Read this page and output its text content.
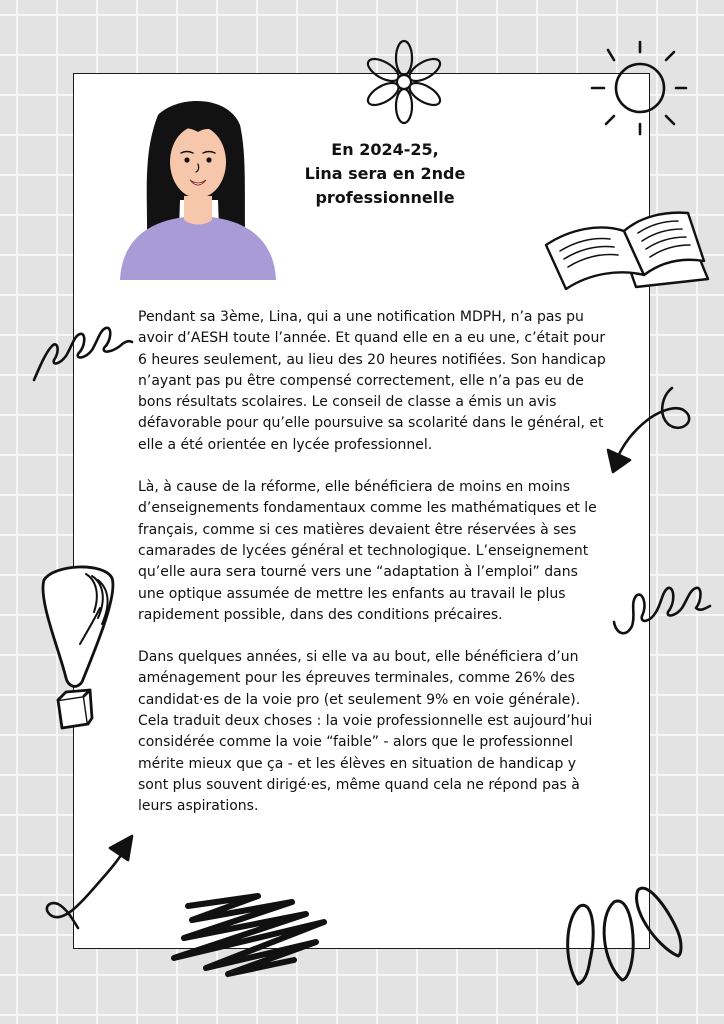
En 2024-25,
Lina sera en 2nde
professionnelle

Pendant sa 3ème, Lina, qui a une notification MDPH, n’a pas pu avoir d’AESH toute l’année. Et quand elle en a eu une, c’était pour 6 heures seulement, au lieu des 20 heures notifiées. Son handicap n’ayant pas pu être compensé correctement, elle n’a pas eu de bons résultats scolaires. Le conseil de classe a émis un avis défavorable pour qu’elle poursuive sa scolarité dans le général, et elle a été orientée en lycée professionnel.

Là, à cause de la réforme, elle bénéficiera de moins en moins d’enseignements fondamentaux comme les mathématiques et le français, comme si ces matières devaient être réservées à ses camarades de lycées général et technologique. L’enseignement qu’elle aura sera tourné vers une “adaptation à l’emploi” dans une optique assumée de mettre les enfants au travail le plus rapidement possible, dans des conditions précaires.

Dans quelques années, si elle va au bout, elle bénéficiera d’un aménagement pour les épreuves terminales, comme 26% des candidat·es de la voie pro (et seulement 9% en voie générale). Cela traduit deux choses : la voie professionnelle est aujourd’hui considérée comme la voie “faible” - alors que le professionnel mérite mieux que ça - et les élèves en situation de handicap y sont plus souvent dirigé·es, même quand cela ne répond pas à leurs aspirations.
